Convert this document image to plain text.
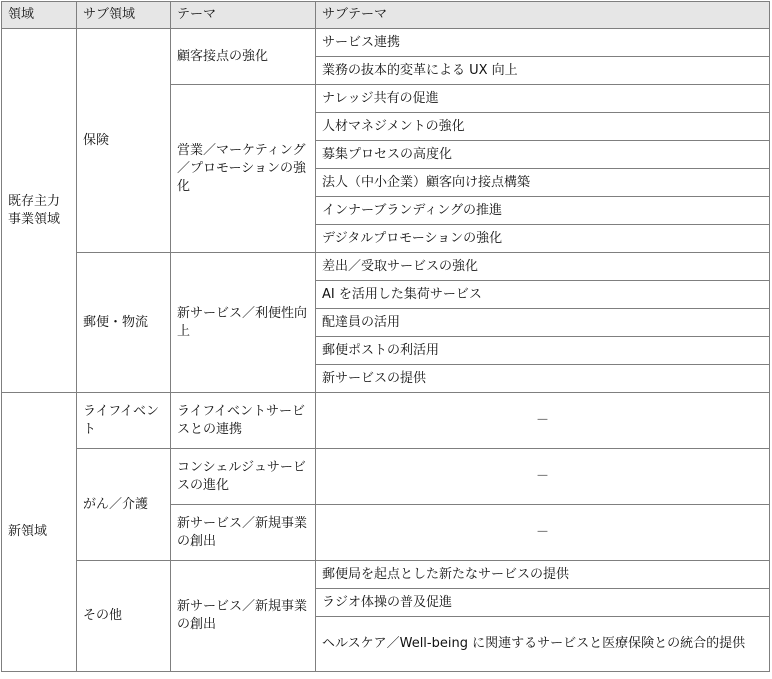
領域	サブ領域	テーマ	サブテーマ
既存主力事業領域	保険	顧客接点の強化	サービス連携
			業務の抜本的変革による UX 向上
		営業／マーケティング／プロモーションの強化	ナレッジ共有の促進
			人材マネジメントの強化
			募集プロセスの高度化
			法人（中小企業）顧客向け接点構築
			インナーブランディングの推進
			デジタルプロモーションの強化
	郵便・物流	新サービス／利便性向上	差出／受取サービスの強化
			AI を活用した集荷サービス
			配達員の活用
			郵便ポストの利活用
			新サービスの提供
新領域	ライフイベント	ライフイベントサービスとの連携	－
	がん／介護	コンシェルジュサービスの進化	－
		新サービス／新規事業の創出	－
	その他	新サービス／新規事業の創出	郵便局を起点とした新たなサービスの提供
			ラジオ体操の普及促進
			ヘルスケア／Well-being に関連するサービスと医療保険との統合的提供
